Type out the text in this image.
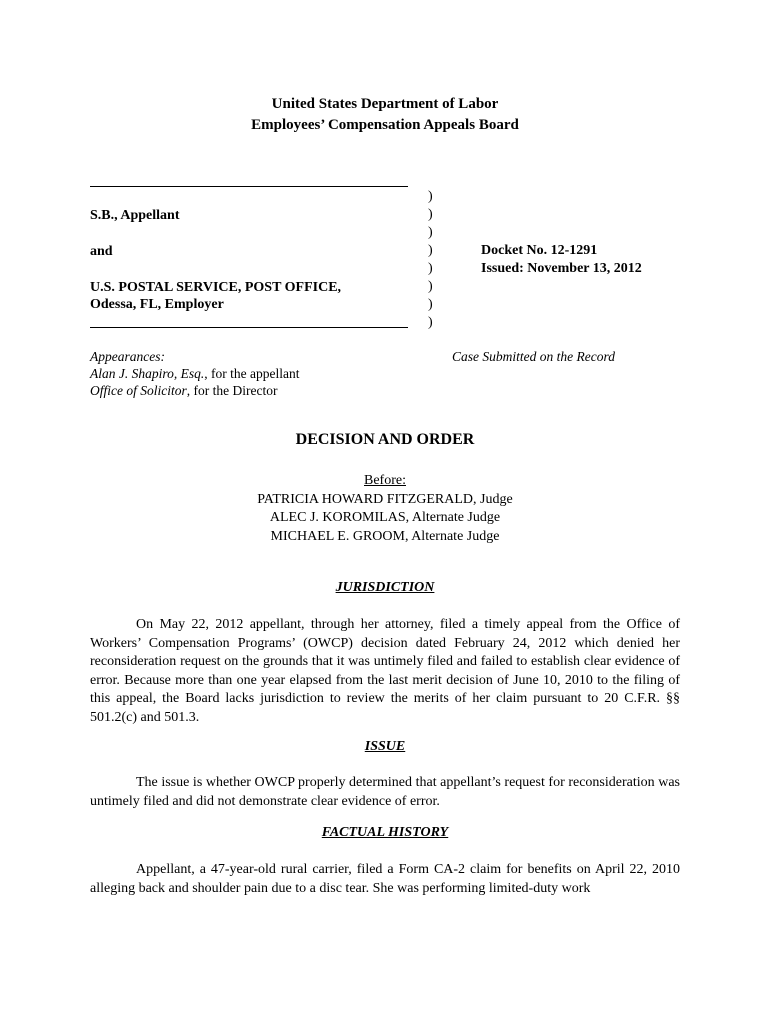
United States Department of Labor
Employees’ Compensation Appeals Board
S.B., Appellant
and
U.S. POSTAL SERVICE, POST OFFICE,
Odessa, FL, Employer
)
)
)
)
)
)
)
)
Docket No. 12-1291
Issued: November 13, 2012
Appearances:
Alan J. Shapiro, Esq., for the appellant
Office of Solicitor, for the Director
Case Submitted on the Record
DECISION AND ORDER
Before:
PATRICIA HOWARD FITZGERALD, Judge
ALEC J. KOROMILAS, Alternate Judge
MICHAEL E. GROOM, Alternate Judge
JURISDICTION
On May 22, 2012 appellant, through her attorney, filed a timely appeal from the Office of Workers’ Compensation Programs’ (OWCP) decision dated February 24, 2012 which denied her reconsideration request on the grounds that it was untimely filed and failed to establish clear evidence of error. Because more than one year elapsed from the last merit decision of June 10, 2010 to the filing of this appeal, the Board lacks jurisdiction to review the merits of her claim pursuant to 20 C.F.R. §§ 501.2(c) and 501.3.
ISSUE
The issue is whether OWCP properly determined that appellant’s request for reconsideration was untimely filed and did not demonstrate clear evidence of error.
FACTUAL HISTORY
Appellant, a 47-year-old rural carrier, filed a Form CA-2 claim for benefits on April 22, 2010 alleging back and shoulder pain due to a disc tear. She was performing limited-duty work
